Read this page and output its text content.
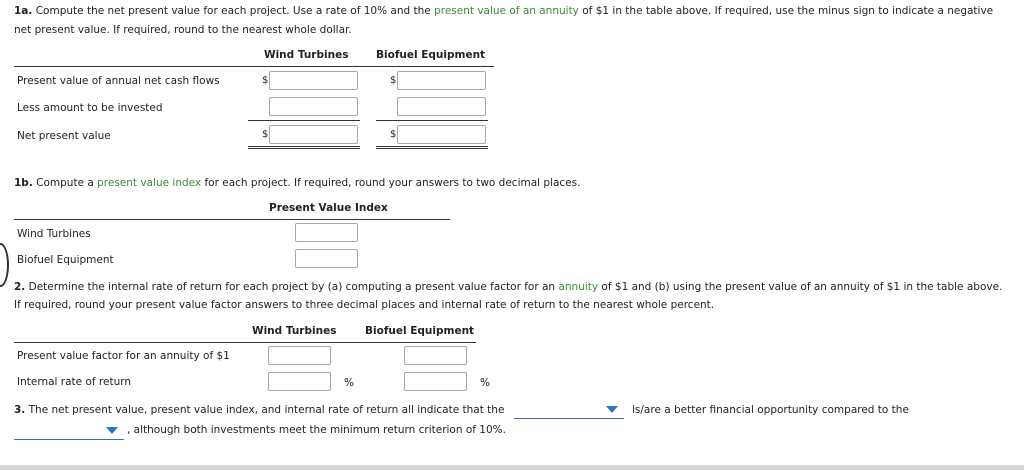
1a. Compute the net present value for each project. Use a rate of 10% and the present value of an annuity of $1 in the table above. If required, use the minus sign to indicate a negative
net present value. If required, round to the nearest whole dollar.
Wind Turbines	Biofuel Equipment
Present value of annual net cash flows	$	$
Less amount to be invested
Net present value	$	$
1b. Compute a present value index for each project. If required, round your answers to two decimal places.
Present Value Index
Wind Turbines
Biofuel Equipment
2. Determine the internal rate of return for each project by (a) computing a present value factor for an annuity of $1 and (b) using the present value of an annuity of $1 in the table above.
If required, round your present value factor answers to three decimal places and internal rate of return to the nearest whole percent.
Wind Turbines	Biofuel Equipment
Present value factor for an annuity of $1
Internal rate of return	%	%
3. The net present value, present value index, and internal rate of return all indicate that the	is/are a better financial opportunity compared to the
, although both investments meet the minimum return criterion of 10%.
